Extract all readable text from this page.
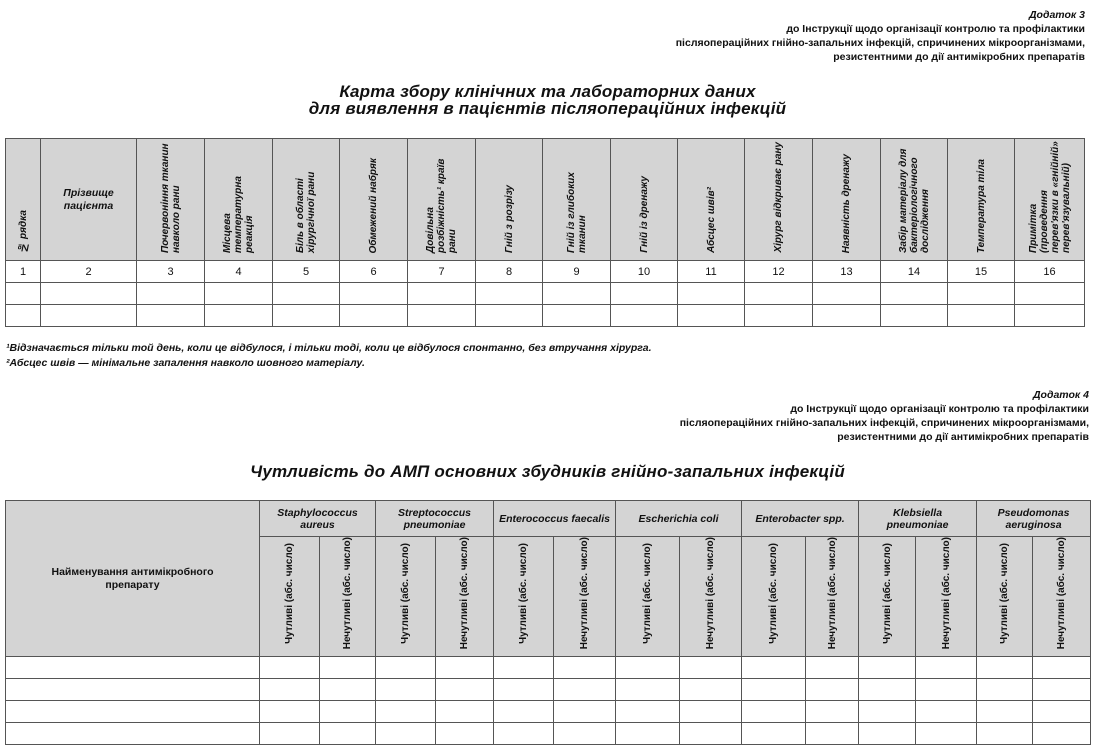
Додаток 3
до Інструкції щодо організації контролю та профілактики
післяопераційних гнійно-запальних інфекцій, спричинених мікроорганізмами,
резистентними до дії антимікробних препаратів
Карта збору клінічних та лабораторних даних
для виявлення в пацієнтів післяопераційних інфекцій
№ рядка	Прізвище пацієнта	Почервоніння тканин навколо рани	Місцева температурна реакція	Біль в області хірургічної рани	Обмежений набряк	Довільна розбіжність¹ країв рани	Гній з розрізу	Гній із глибоких тканин	Гній із дренажу	Абсцес швів²	Хірург відкриває рану	Наявність дренажу	Забір матеріалу для бактеріологічного дослідження	Температура тіла	Примітка (проведення перев'язки в «гнійній» перев'язувальній)
1	2	3	4	5	6	7	8	9	10	11	12	13	14	15	16

¹Відзначається тільки той день, коли це відбулося, і тільки тоді, коли це відбулося спонтанно, без втручання хірурга.
²Абсцес швів — мінімальне запалення навколо шовного матеріалу.
Додаток 4
до Інструкції щодо організації контролю та профілактики
післяопераційних гнійно-запальних інфекцій, спричинених мікроорганізмами,
резистентними до дії антимікробних препаратів
Чутливість до АМП основних збудників гнійно-запальних інфекцій
Найменування антимікробного препарату	Staphylococcus aureus		Streptococcus pneumoniae		Enterococcus faecalis		Escherichia coli		Enterobacter spp.		Klebsiella pneumoniae		Pseudomonas aeruginosa	
	Чутливі (абс. число)	Нечутливі (абс. число)	Чутливі (абс. число)	Нечутливі (абс. число)	Чутливі (абс. число)	Нечутливі (абс. число)	Чутливі (абс. число)	Нечутливі (абс. число)	Чутливі (абс. число)	Нечутливі (абс. число)	Чутливі (абс. число)	Нечутливі (абс. число)	Чутливі (абс. число)	Нечутливі (абс. число)
